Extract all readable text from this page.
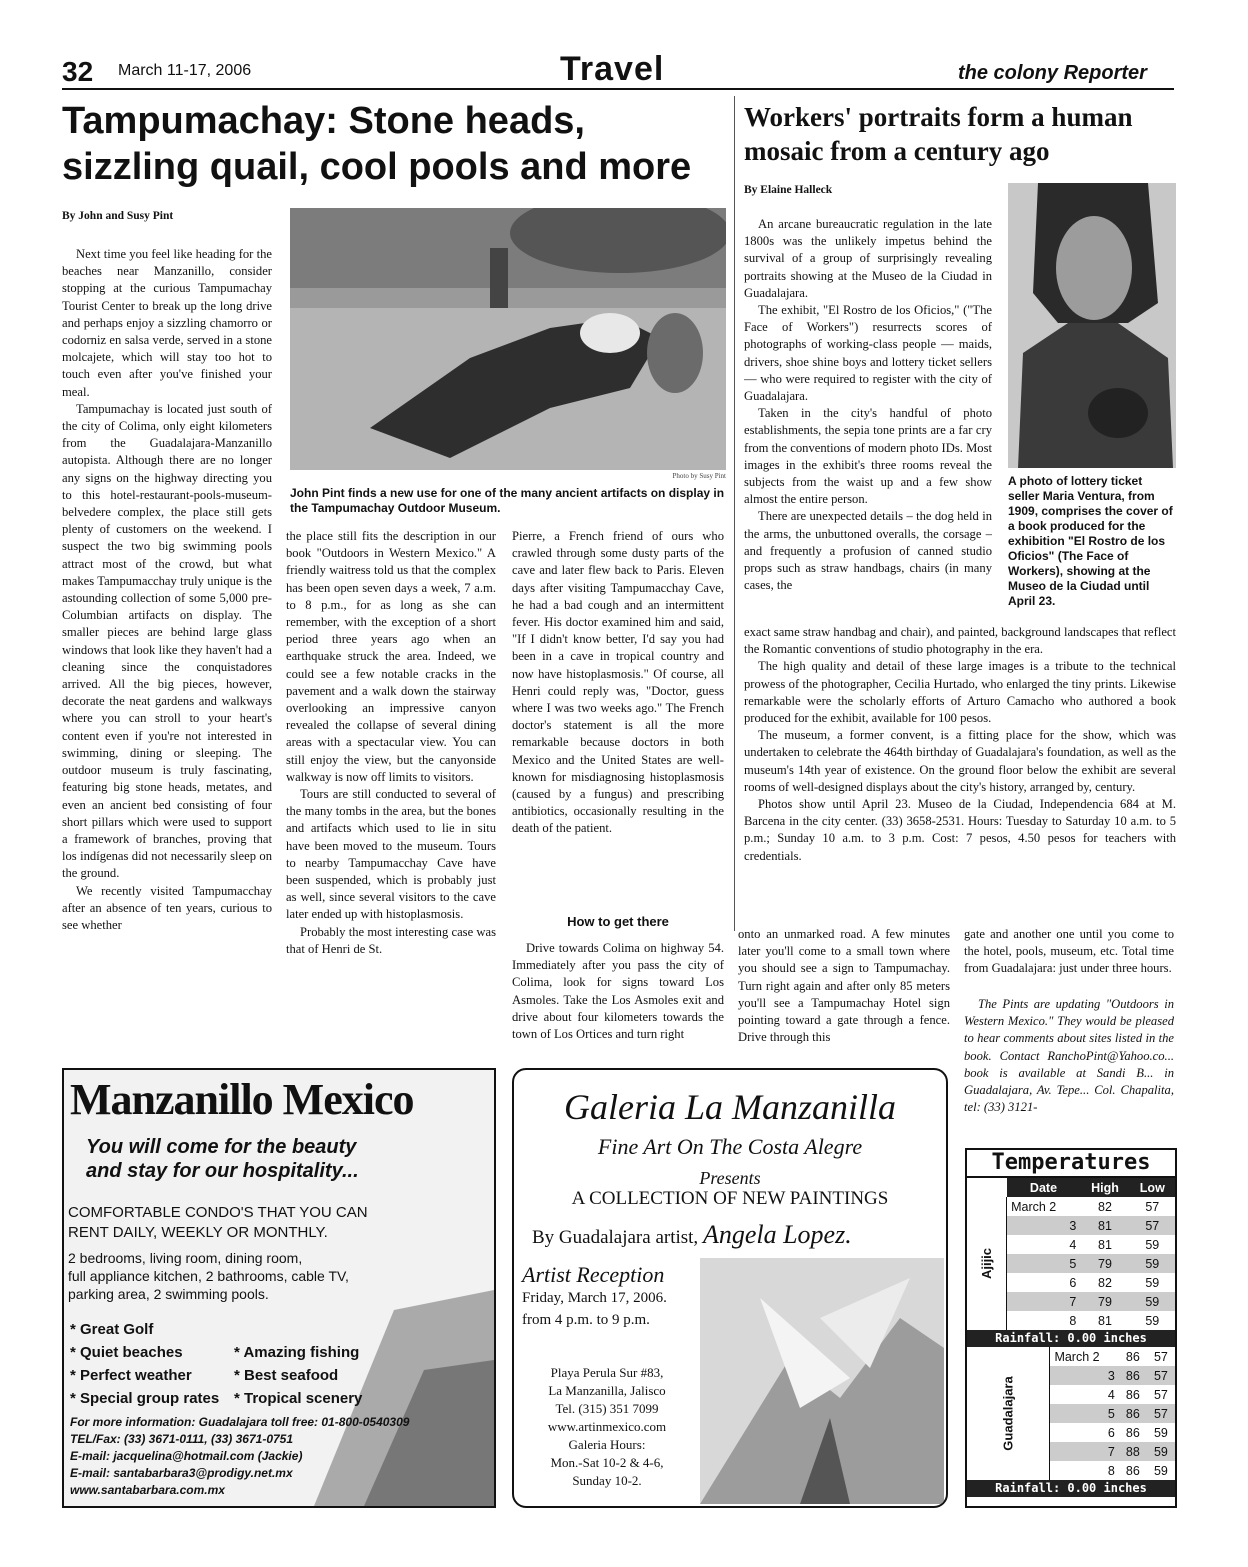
32 March 11-17, 2006	Travel	the colony Reporter
Tampumachay: Stone heads, sizzling quail, cool pools and more
By John and Susy Pint
Photo by Susy Pint
John Pint finds a new use for one of the many ancient artifacts on display in the Tampumachay Outdoor Museum.

Next time you feel like heading for the beaches near Manzanillo, consider stopping at the curious Tampumachay Tourist Center to break up the long drive and perhaps enjoy a sizzling chamorro or codorniz en salsa verde, served in a stone molcajete, which will stay too hot to touch even after you've finished your meal.

Tampumachay is located just south of the city of Colima, only eight kilometers from the Guadalajara-Manzanillo autopista. Although there are no longer any signs on the highway directing you to this hotel-restaurant-pools-museum-belvedere complex, the place still gets plenty of customers on the weekend. I suspect the two big swimming pools attract most of the crowd, but what makes Tampumacchay truly unique is the astounding collection of some 5,000 pre-Columbian artifacts on display. The smaller pieces are behind large glass windows that look like they haven't had a cleaning since the conquistadores arrived. All the big pieces, however, decorate the neat gardens and walkways where you can stroll to your heart's content even if you're not interested in swimming, dining or sleeping. The outdoor museum is truly fascinating, featuring big stone heads, metates, and even an ancient bed consisting of four short pillars which were used to support a framework of branches, proving that los indígenas did not necessarily sleep on the ground.

We recently visited Tampumacchay after an absence of ten years, curious to see whether

the place still fits the description in our book "Outdoors in Western Mexico." A friendly waitress told us that the complex has been open seven days a week, 7 a.m. to 8 p.m., for as long as she can remember, with the exception of a short period three years ago when an earthquake struck the area. Indeed, we could see a few notable cracks in the pavement and a walk down the stairway overlooking an impressive canyon revealed the collapse of several dining areas with a spectacular view. You can still enjoy the view, but the canyonside walkway is now off limits to visitors.

Tours are still conducted to several of the many tombs in the area, but the bones and artifacts which used to lie in situ have been moved to the museum. Tours to nearby Tampumacchay Cave have been suspended, which is probably just as well, since several visitors to the cave later ended up with histoplasmosis.

Probably the most interesting case was that of Henri de St.

Pierre, a French friend of ours who crawled through some dusty parts of the cave and later flew back to Paris. Eleven days after visiting Tampumacchay Cave, he had a bad cough and an intermittent fever. His doctor examined him and said, "If I didn't know better, I'd say you had been in a cave in tropical country and now have histoplasmosis." Of course, all Henri could reply was, "Doctor, guess where I was two weeks ago." The French doctor's statement is all the more remarkable because doctors in both Mexico and the United States are well-known for misdiagnosing histoplasmosis (caused by a fungus) and prescribing antibiotics, occasionally resulting in the death of the patient.

How to get there

Drive towards Colima on highway 54. Immediately after you pass the city of Colima, look for signs toward Los Asmoles. Take the Los Asmoles exit and drive about four kilometers towards the town of Los Ortices and turn right

onto an unmarked road. A few minutes later you'll come to a small town where you should see a sign to Tampumachay. Turn right again and after only 85 meters you'll see a Tampumachay Hotel sign pointing toward a gate through a fence. Drive through this

gate and another one until you come to the hotel, pools, museum, etc. Total time from Guadalajara: just under three hours.

The Pints are updating "Outdoors in Western Mexico." They would be pleased to hear comments about sites listed in the book. Contact RanchoPint@Yahoo.co... book is available at Sandi B... in Guadalajara, Av. Tepe... Col. Chapalita, tel: (33) 3121-

Workers' portraits form a human mosaic from a century ago
By Elaine Halleck
A photo of lottery ticket seller Maria Ventura, from 1909, comprises the cover of a book produced for the exhibition "El Rostro de los Oficios" (The Face of Workers), showing at the Museo de la Ciudad until April 23.

An arcane bureaucratic regulation in the late 1800s was the unlikely impetus behind the survival of a group of surprisingly revealing portraits showing at the Museo de la Ciudad in Guadalajara.

The exhibit, "El Rostro de los Oficios," ("The Face of Workers") resurrects scores of photographs of working-class people — maids, drivers, shoe shine boys and lottery ticket sellers — who were required to register with the city of Guadalajara.

Taken in the city's handful of photo establishments, the sepia tone prints are a far cry from the conventions of modern photo IDs. Most images in the exhibit's three rooms reveal the subjects from the waist up and a few show almost the entire person.

There are unexpected details – the dog held in the arms, the unbuttoned overalls, the corsage – and frequently a profusion of canned studio props such as straw handbags, chairs (in many cases, the

exact same straw handbag and chair), and painted, background landscapes that reflect the Romantic conventions of studio photography in the era.

The high quality and detail of these large images is a tribute to the technical prowess of the photographer, Cecilia Hurtado, who enlarged the tiny prints. Likewise remarkable were the scholarly efforts of Arturo Camacho who authored a book produced for the exhibit, available for 100 pesos.

The museum, a former convent, is a fitting place for the show, which was undertaken to celebrate the 464th birthday of Guadalajara's foundation, as well as the museum's 14th year of existence. On the ground floor below the exhibit are several rooms of well-designed displays about the city's history, arranged by, century.

Photos show until April 23. Museo de la Ciudad, Independencia 684 at M. Barcena in the city center. (33) 3658-2531. Hours: Tuesday to Saturday 10 a.m. to 5 p.m.; Sunday 10 a.m. to 3 p.m. Cost: 7 pesos, 4.50 pesos for teachers with credentials.

Manzanillo Mexico
You will come for the beauty
and stay for our hospitality...
COMFORTABLE CONDO'S THAT YOU CAN
RENT DAILY, WEEKLY OR MONTHLY.
2 bedrooms, living room, dining room,
full appliance kitchen, 2 bathrooms, cable TV,
parking area, 2 swimming pools.
* Great Golf
* Quiet beaches
* Perfect weather
* Special group rates
* Amazing fishing
* Best seafood
* Tropical scenery
For more information: Guadalajara toll free: 01-800-0540309
TEL/Fax: (33) 3671-0111, (33) 3671-0751
E-mail: jacquelina@hotmail.com (Jackie)
E-mail: santabarbara3@prodigy.net.mx
www.santabarbara.com.mx
Galeria La Manzanilla
Fine Art On The Costa Alegre
Presents
A COLLECTION OF NEW PAINTINGS
By Guadalajara artist, Angela Lopez.
Artist Reception
Friday, March 17, 2006.
from 4 p.m. to 9 p.m.
Playa Perula Sur #83,
La Manzanilla, Jalisco
Tel. (315) 351 7099
www.artinmexico.com
Galeria Hours:
Mon.-Sat 10-2 & 4-6,
Sunday 10-2.
Temperatures
	Date	High	Low

Ajijic	March 2	82	57
	3	81	57
	4	81	59
	5	79	59
	6	82	59
	7	79	59
	8	81	59
Rainfall: 0.00 inches
Guadalajara	March 2	86	57
	3	86	57
	4	86	57
	5	86	57
	6	86	59
	7	88	59
	8	86	59
Rainfall: 0.00 inches
